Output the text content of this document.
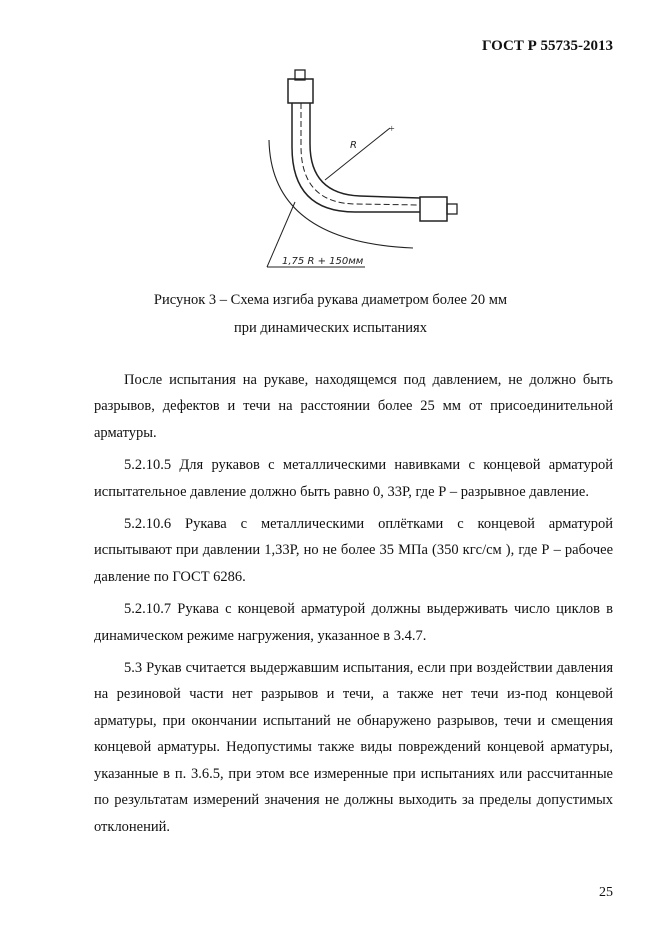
ГОСТ Р 55735-2013
+
R
1,75 R + 150мм
Рисунок 3 – Схема изгиба рукава диаметром более 20 мм
при динамических испытаниях

После испытания на рукаве, находящемся под давлением, не должно быть разрывов, дефектов и течи на расстоянии более 25 мм от присоединительной арматуры.

5.2.10.5 Для рукавов с металлическими навивками с концевой арматурой испытательное давление должно быть равно 0, 33Р, где Р – разрывное давление.

5.2.10.6 Рукава с металлическими оплётками с концевой арматурой испытывают при давлении 1,33Р, но не более 35 МПа (350 кгс/см ), где Р – рабочее давление по ГОСТ 6286.

5.2.10.7 Рукава с концевой арматурой должны выдерживать число циклов в динамическом режиме нагружения, указанное в 3.4.7.

5.3 Рукав считается выдержавшим испытания, если при воздействии давления на резиновой части нет разрывов и течи, а также нет течи из-под концевой арматуры, при окончании испытаний не обнаружено разрывов, течи и смещения концевой арматуры. Недопустимы также виды повреждений концевой арматуры, указанные в п. 3.6.5, при этом все измеренные при испытаниях или рассчитанные по результатам измерений значения не должны выходить за пределы допустимых отклонений.

25
